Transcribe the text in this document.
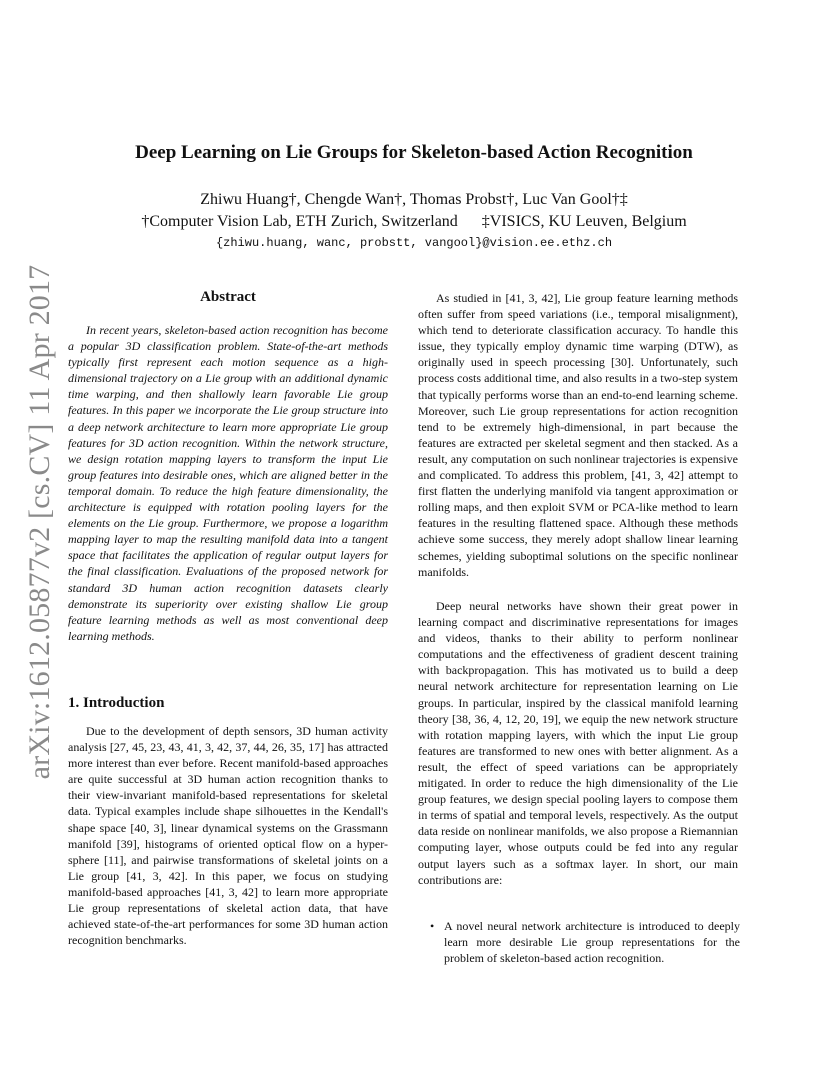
arXiv:1612.05877v2 [cs.CV] 11 Apr 2017
Deep Learning on Lie Groups for Skeleton-based Action Recognition
Zhiwu Huang†, Chengde Wan†, Thomas Probst†, Luc Van Gool†‡
†Computer Vision Lab, ETH Zurich, Switzerland ‡VISICS, KU Leuven, Belgium
{zhiwu.huang, wanc, probstt, vangool}@vision.ee.ethz.ch
Abstract

In recent years, skeleton-based action recognition has become a popular 3D classification problem. State-of-the-art methods typically first represent each motion sequence as a high-dimensional trajectory on a Lie group with an additional dynamic time warping, and then shallowly learn favorable Lie group features. In this paper we incorporate the Lie group structure into a deep network architecture to learn more appropriate Lie group features for 3D action recognition. Within the network structure, we design rotation mapping layers to transform the input Lie group features into desirable ones, which are aligned better in the temporal domain. To reduce the high feature dimensionality, the architecture is equipped with rotation pooling layers for the elements on the Lie group. Furthermore, we propose a logarithm mapping layer to map the resulting manifold data into a tangent space that facilitates the application of regular output layers for the final classification. Evaluations of the proposed network for standard 3D human action recognition datasets clearly demonstrate its superiority over existing shallow Lie group feature learning methods as well as most conventional deep learning methods.

1. Introduction

Due to the development of depth sensors, 3D human activity analysis [27, 45, 23, 43, 41, 3, 42, 37, 44, 26, 35, 17] has attracted more interest than ever before. Recent manifold-based approaches are quite successful at 3D human action recognition thanks to their view-invariant manifold-based representations for skeletal data. Typical examples include shape silhouettes in the Kendall's shape space [40, 3], linear dynamical systems on the Grassmann manifold [39], histograms of oriented optical flow on a hyper-sphere [11], and pairwise transformations of skeletal joints on a Lie group [41, 3, 42]. In this paper, we focus on studying manifold-based approaches [41, 3, 42] to learn more appropriate Lie group representations of skeletal action data, that have achieved state-of-the-art performances for some 3D human action recognition benchmarks.

As studied in [41, 3, 42], Lie group feature learning methods often suffer from speed variations (i.e., temporal misalignment), which tend to deteriorate classification accuracy. To handle this issue, they typically employ dynamic time warping (DTW), as originally used in speech processing [30]. Unfortunately, such process costs additional time, and also results in a two-step system that typically performs worse than an end-to-end learning scheme. Moreover, such Lie group representations for action recognition tend to be extremely high-dimensional, in part because the features are extracted per skeletal segment and then stacked. As a result, any computation on such nonlinear trajectories is expensive and complicated. To address this problem, [41, 3, 42] attempt to first flatten the underlying manifold via tangent approximation or rolling maps, and then exploit SVM or PCA-like method to learn features in the resulting flattened space. Although these methods achieve some success, they merely adopt shallow linear learning schemes, yielding suboptimal solutions on the specific nonlinear manifolds.

Deep neural networks have shown their great power in learning compact and discriminative representations for images and videos, thanks to their ability to perform nonlinear computations and the effectiveness of gradient descent training with backpropagation. This has motivated us to build a deep neural network architecture for representation learning on Lie groups. In particular, inspired by the classical manifold learning theory [38, 36, 4, 12, 20, 19], we equip the new network structure with rotation mapping layers, with which the input Lie group features are transformed to new ones with better alignment. As a result, the effect of speed variations can be appropriately mitigated. In order to reduce the high dimensionality of the Lie group features, we design special pooling layers to compose them in terms of spatial and temporal levels, respectively. As the output data reside on nonlinear manifolds, we also propose a Riemannian computing layer, whose outputs could be fed into any regular output layers such as a softmax layer. In short, our main contributions are:

• A novel neural network architecture is introduced to deeply learn more desirable Lie group representations for the problem of skeleton-based action recognition.
